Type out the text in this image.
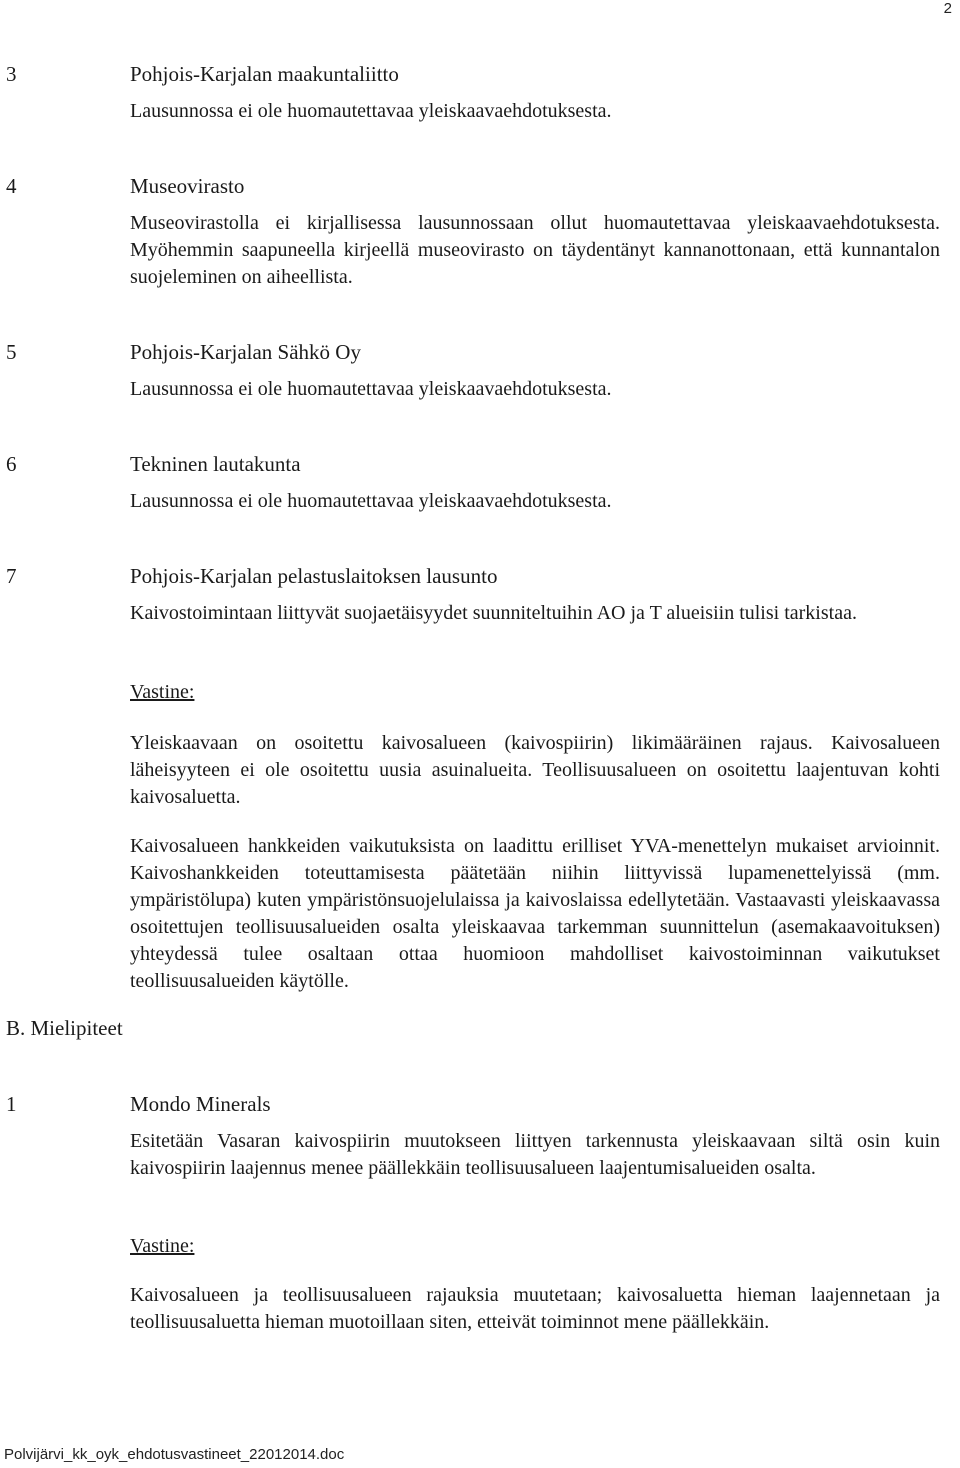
2
3	Pohjois-Karjalan maakuntaliitto

Lausunnossa ei ole huomautettavaa yleiskaavaehdotuksesta.

4	Museovirasto

Museovirastolla ei kirjallisessa lausunnossaan ollut huomautettavaa yleiskaavaehdotuksesta. Myöhemmin saapuneella kirjeellä museovirasto on täydentänyt kannanottonaan, että kunnantalon suojeleminen on aiheellista.

5	Pohjois-Karjalan Sähkö Oy

Lausunnossa ei ole huomautettavaa yleiskaavaehdotuksesta.

6	Tekninen lautakunta

Lausunnossa ei ole huomautettavaa yleiskaavaehdotuksesta.

7	Pohjois-Karjalan pelastuslaitoksen lausunto

Kaivostoimintaan liittyvät suojaetäisyydet suunniteltuihin AO ja T alueisiin tulisi tarkistaa.

Vastine:

Yleiskaavaan on osoitettu kaivosalueen (kaivospiirin) likimääräinen rajaus. Kaivosalueen läheisyyteen ei ole osoitettu uusia asuinalueita. Teollisuusalueen on osoitettu laajentuvan kohti kaivosaluetta.

Kaivosalueen hankkeiden vaikutuksista on laadittu erilliset YVA-menettelyn mukaiset arvioinnit. Kaivoshankkeiden toteuttamisesta päätetään niihin liittyvissä lupamenettelyissä (mm. ympäristölupa) kuten ympäristönsuojelulaissa ja kaivoslaissa edellytetään. Vastaavasti yleiskaavassa osoitettujen teollisuusalueiden osalta yleiskaavaa tarkemman suunnittelun (asemakaavoituksen) yhteydessä tulee osaltaan ottaa huomioon mahdolliset kaivostoiminnan vaikutukset teollisuusalueiden käytölle.

B. Mielipiteet
1	Mondo Minerals

Esitetään Vasaran kaivospiirin muutokseen liittyen tarkennusta yleiskaavaan siltä osin kuin kaivospiirin laajennus menee päällekkäin teollisuusalueen laajentumisalueiden osalta.

Vastine:

Kaivosalueen ja teollisuusalueen rajauksia muutetaan; kaivosaluetta hieman laajennetaan ja teollisuusaluetta hieman muotoillaan siten, etteivät toiminnot mene päällekkäin.

Polvijärvi_kk_oyk_ehdotusvastineet_22012014.doc
